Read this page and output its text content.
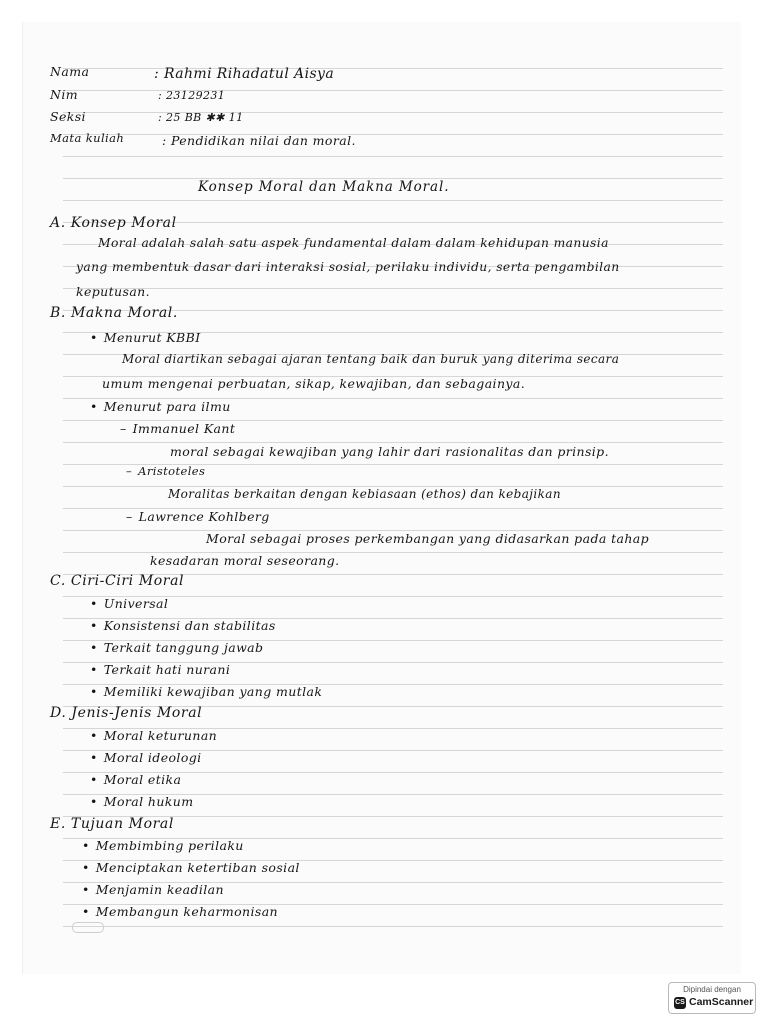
Nama	: Rahmi Rihadatul Aisya
Nim	: 23129231
Seksi	: 25 BB ✱✱ 11
Mata kuliah	: Pendidikan nilai dan moral.
Konsep Moral dan Makna Moral.
A. Konsep Moral
Moral adalah salah satu aspek fundamental dalam dalam kehidupan manusia
yang membentuk dasar dari interaksi sosial, perilaku individu, serta pengambilan
keputusan.
B. Makna Moral.
• Menurut KBBI
Moral diartikan sebagai ajaran tentang baik dan buruk yang diterima secara
umum mengenai perbuatan, sikap, kewajiban, dan sebagainya.
• Menurut para ilmu
– Immanuel Kant
moral sebagai kewajiban yang lahir dari rasionalitas dan prinsip.
– Aristoteles
Moralitas berkaitan dengan kebiasaan (ethos) dan kebajikan
– Lawrence Kohlberg
Moral sebagai proses perkembangan yang didasarkan pada tahap
kesadaran moral seseorang.
C. Ciri-Ciri Moral
• Universal
• Konsistensi dan stabilitas
• Terkait tanggung jawab
• Terkait hati nurani
• Memiliki kewajiban yang mutlak
D. Jenis-Jenis Moral
• Moral keturunan
• Moral ideologi
• Moral etika
• Moral hukum
E. Tujuan Moral
• Membimbing perilaku
• Menciptakan ketertiban sosial
• Menjamin keadilan
• Membangun keharmonisan
Dipindai dengan
CS CamScanner
